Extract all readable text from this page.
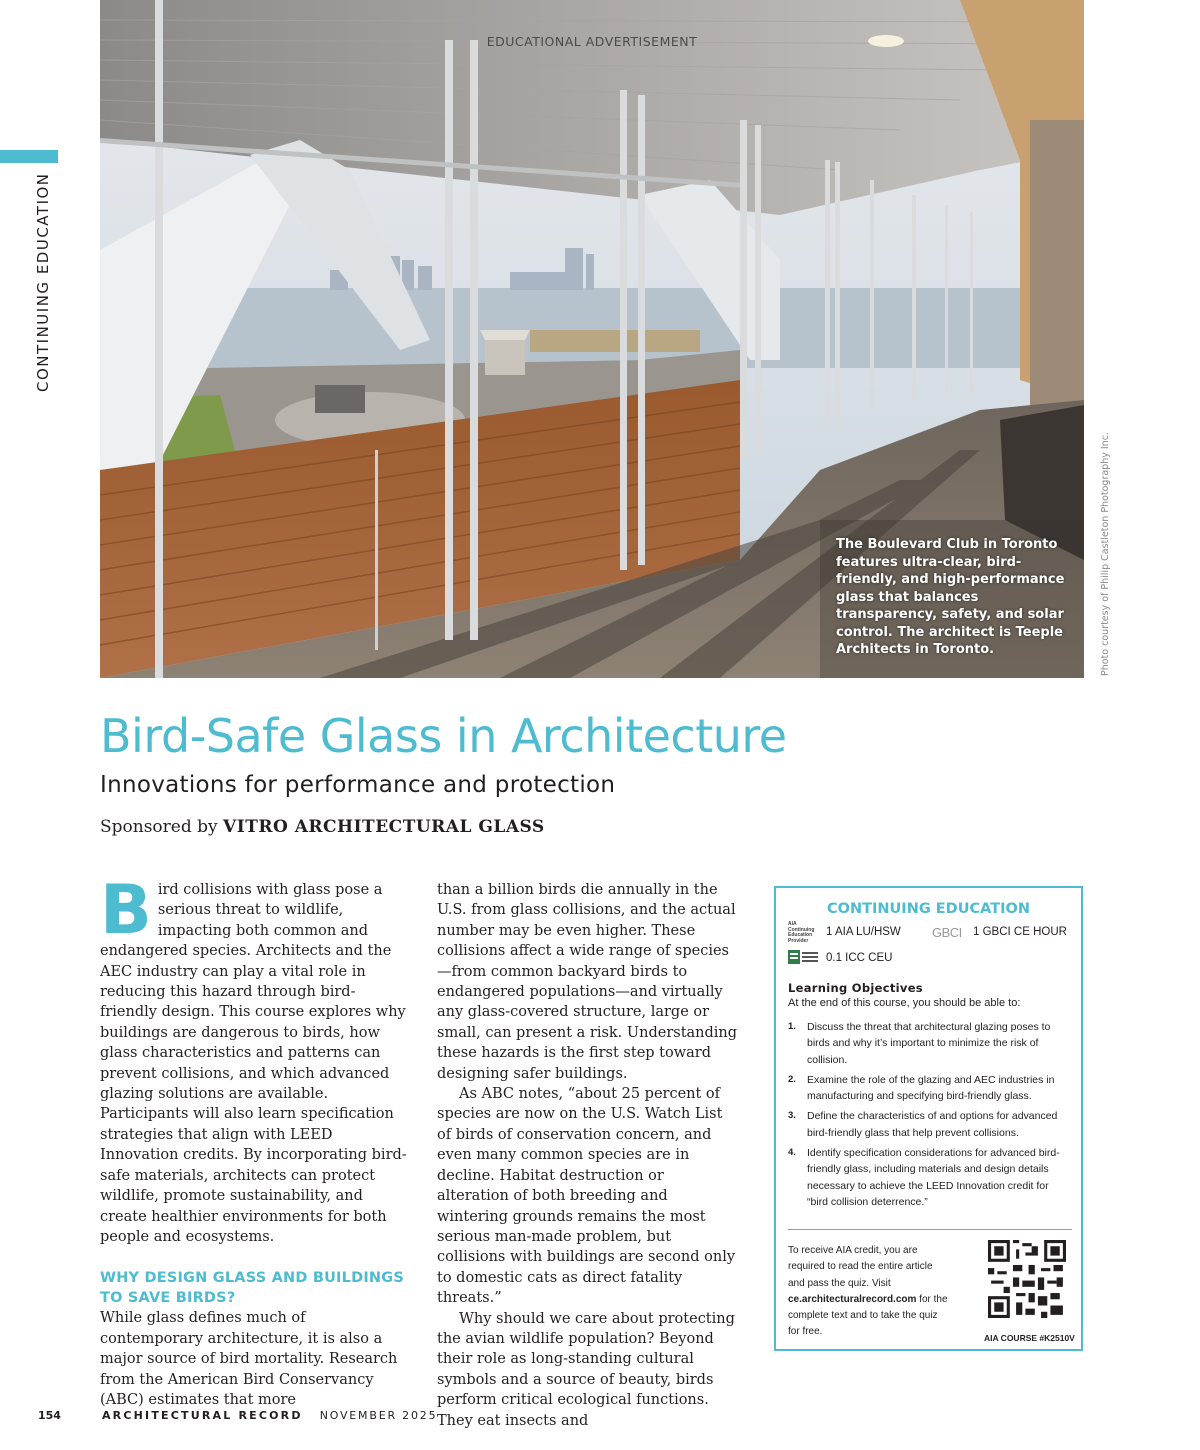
CONTINUING EDUCATION
EDUCATIONAL ADVERTISEMENT
The Boulevard Club in Toronto features ultra-clear, bird-friendly, and high-performance glass that balances transparency, safety, and solar control. The architect is Teeple Architects in Toronto.	Photo courtesy of Philip Castleton Photography Inc.
Bird-Safe Glass in Architecture
Innovations for performance and protection
Sponsored by VITRO ARCHITECTURAL GLASS

Bird collisions with glass pose a serious threat to wildlife, impacting both common and endangered species. Architects and the AEC industry can play a vital role in reducing this hazard through bird-friendly design. This course explores why buildings are dangerous to birds, how glass characteristics and patterns can prevent collisions, and which advanced glazing solutions are available. Participants will also learn specification strategies that align with LEED Innovation credits. By incorporating bird-safe materials, architects can protect wildlife, promote sustainability, and create healthier environments for both people and ecosystems.

WHY DESIGN GLASS AND BUILDINGS TO SAVE BIRDS?

While glass defines much of contemporary architecture, it is also a major source of bird mortality. Research from the American Bird Conservancy (ABC) estimates that more

than a billion birds die annually in the U.S. from glass collisions, and the actual number may be even higher. These collisions affect a wide range of species—from common backyard birds to endangered populations—and virtually any glass-covered structure, large or small, can present a risk. Understanding these hazards is the first step toward designing safer buildings.

As ABC notes, “about 25 percent of species are now on the U.S. Watch List of birds of conservation concern, and even many common species are in decline. Habitat destruction or alteration of both breeding and wintering grounds remains the most serious man-made problem, but collisions with buildings are second only to domestic cats as direct fatality threats.”

Why should we care about protecting the avian wildlife population? Beyond their role as long-standing cultural symbols and a source of beauty, birds perform critical ecological functions. They eat insects and

CONTINUING EDUCATION
AIA Continuing Education Provider
1 AIA LU/HSW GBCI 1 GBCI CE HOUR
0.1 ICC CEU
Learning Objectives
At the end of this course, you should be able to:
1.	Discuss the threat that architectural glazing poses to birds and why it’s important to minimize the risk of collision.
2.	Examine the role of the glazing and AEC industries in manufacturing and specifying bird-friendly glass.
3.	Define the characteristics of and options for advanced bird-friendly glass that help prevent collisions.
4.	Identify specification considerations for advanced bird-friendly glass, including materials and design details necessary to achieve the LEED Innovation credit for “bird collision deterrence.”
To receive AIA credit, you are required to read the entire article and pass the quiz. Visit ce.architecturalrecord.com for the complete text and to take the quiz for free.
AIA COURSE #K2510V
154	ARCHITECTURAL RECORD NOVEMBER 2025
